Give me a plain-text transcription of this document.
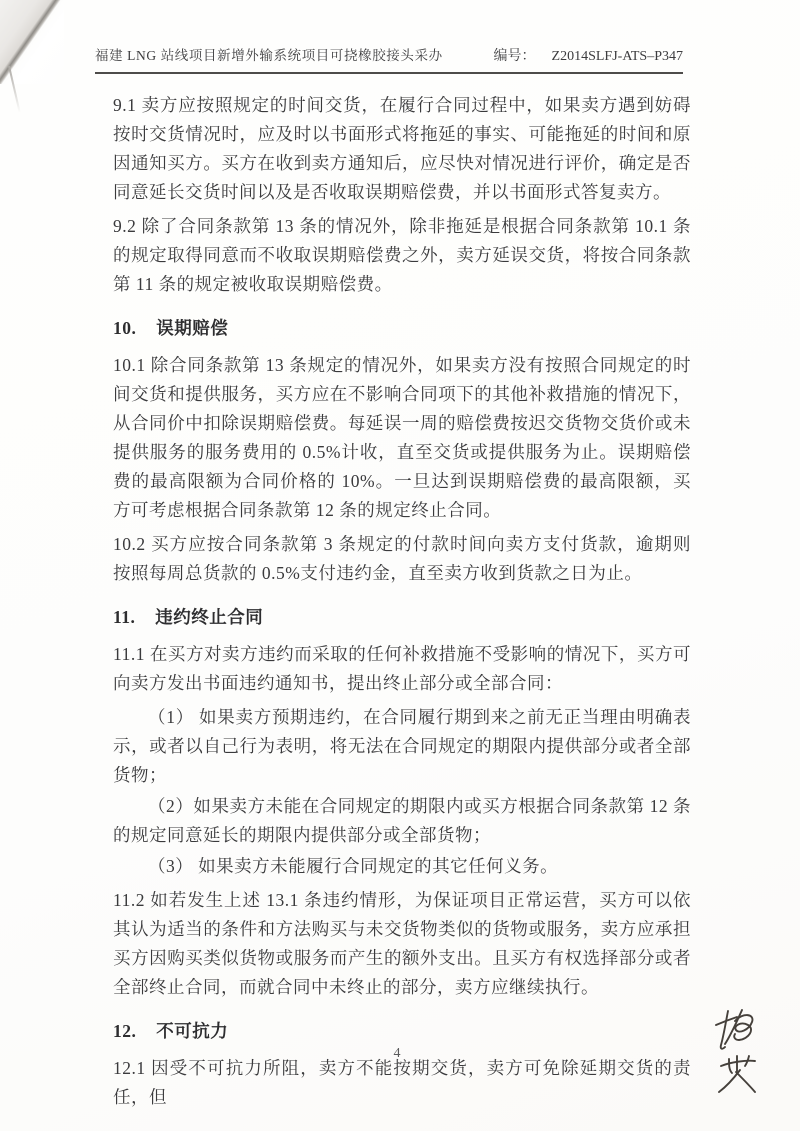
福建 LNG 站线项目新增外输系统项目可挠橡胶接头采办	编号： Z2014SLFJ-ATS–P347

9.1 卖方应按照规定的时间交货，在履行合同过程中，如果卖方遇到妨碍按时交货情况时，应及时以书面形式将拖延的事实、可能拖延的时间和原因通知买方。买方在收到卖方通知后，应尽快对情况进行评价，确定是否同意延长交货时间以及是否收取误期赔偿费，并以书面形式答复卖方。

9.2 除了合同条款第 13 条的情况外，除非拖延是根据合同条款第 10.1 条的规定取得同意而不收取误期赔偿费之外，卖方延误交货，将按合同条款第 11 条的规定被收取误期赔偿费。

10. 误期赔偿

10.1 除合同条款第 13 条规定的情况外，如果卖方没有按照合同规定的时间交货和提供服务，买方应在不影响合同项下的其他补救措施的情况下，从合同价中扣除误期赔偿费。每延误一周的赔偿费按迟交货物交货价或未提供服务的服务费用的 0.5%计收，直至交货或提供服务为止。误期赔偿费的最高限额为合同价格的 10%。一旦达到误期赔偿费的最高限额，买方可考虑根据合同条款第 12 条的规定终止合同。

10.2 买方应按合同条款第 3 条规定的付款时间向卖方支付货款，逾期则按照每周总货款的 0.5%支付违约金，直至卖方收到货款之日为止。

11. 违约终止合同

11.1 在买方对卖方违约而采取的任何补救措施不受影响的情况下，买方可向卖方发出书面违约通知书，提出终止部分或全部合同：

（1） 如果卖方预期违约，在合同履行期到来之前无正当理由明确表示，或者以自己行为表明，将无法在合同规定的期限内提供部分或者全部货物；

（2）如果卖方未能在合同规定的期限内或买方根据合同条款第 12 条的规定同意延长的期限内提供部分或全部货物；

（3） 如果卖方未能履行合同规定的其它任何义务。

11.2 如若发生上述 13.1 条违约情形，为保证项目正常运营，买方可以依其认为适当的条件和方法购买与未交货物类似的货物或服务，卖方应承担买方因购买类似货物或服务而产生的额外支出。且买方有权选择部分或者全部终止合同，而就合同中未终止的部分，卖方应继续执行。

12. 不可抗力

12.1 因受不可抗力所阻，卖方不能按期交货，卖方可免除延期交货的责任，但

4
